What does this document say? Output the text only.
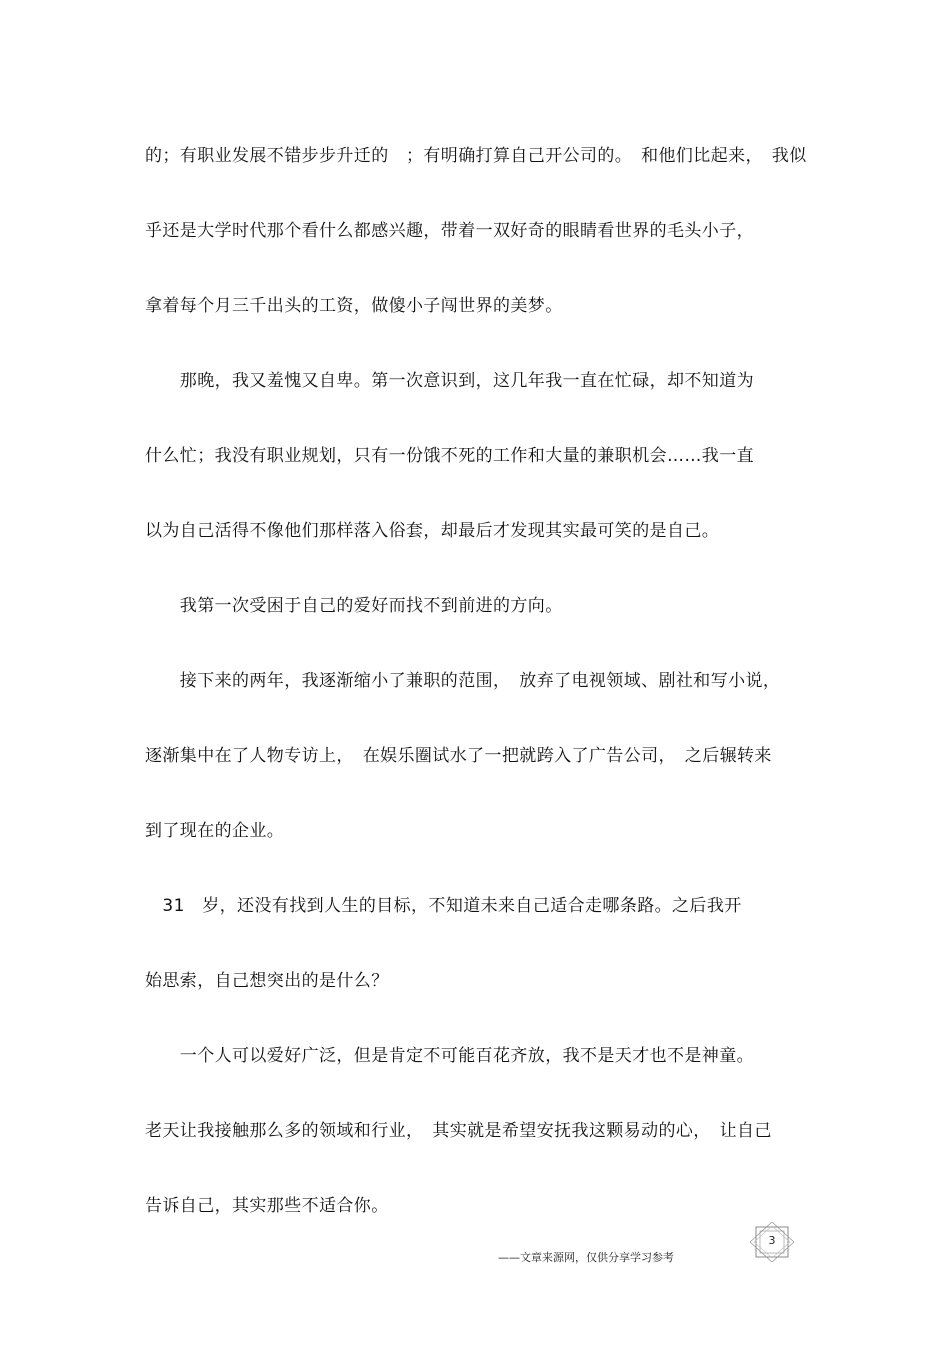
的；有职业发展不错步步升迁的　；有明确打算自己开公司的。　和他们比起来，　我似
乎还是大学时代那个看什么都感兴趣，带着一双好奇的眼睛看世界的毛头小子，
拿着每个月三千出头的工资，做傻小子闯世界的美梦。
　　那晚，我又羞愧又自卑。第一次意识到，这几年我一直在忙碌，却不知道为
什么忙；我没有职业规划，只有一份饿不死的工作和大量的兼职机会……我一直
以为自己活得不像他们那样落入俗套，却最后才发现其实最可笑的是自己。
　　我第一次受困于自己的爱好而找不到前进的方向。
　　接下来的两年，我逐渐缩小了兼职的范围，　放弃了电视领域、剧社和写小说，
逐渐集中在了人物专访上，　在娱乐圈试水了一把就跨入了广告公司，　之后辗转来
到了现在的企业。
　31　岁，还没有找到人生的目标，不知道未来自己适合走哪条路。之后我开
始思索，自己想突出的是什么？
　　一个人可以爱好广泛，但是肯定不可能百花齐放，我不是天才也不是神童。
老天让我接触那么多的领域和行业，　其实就是希望安抚我这颗易动的心，　让自己
告诉自己，其实那些不适合你。
——文章来源网，仅供分享学习参考
3
